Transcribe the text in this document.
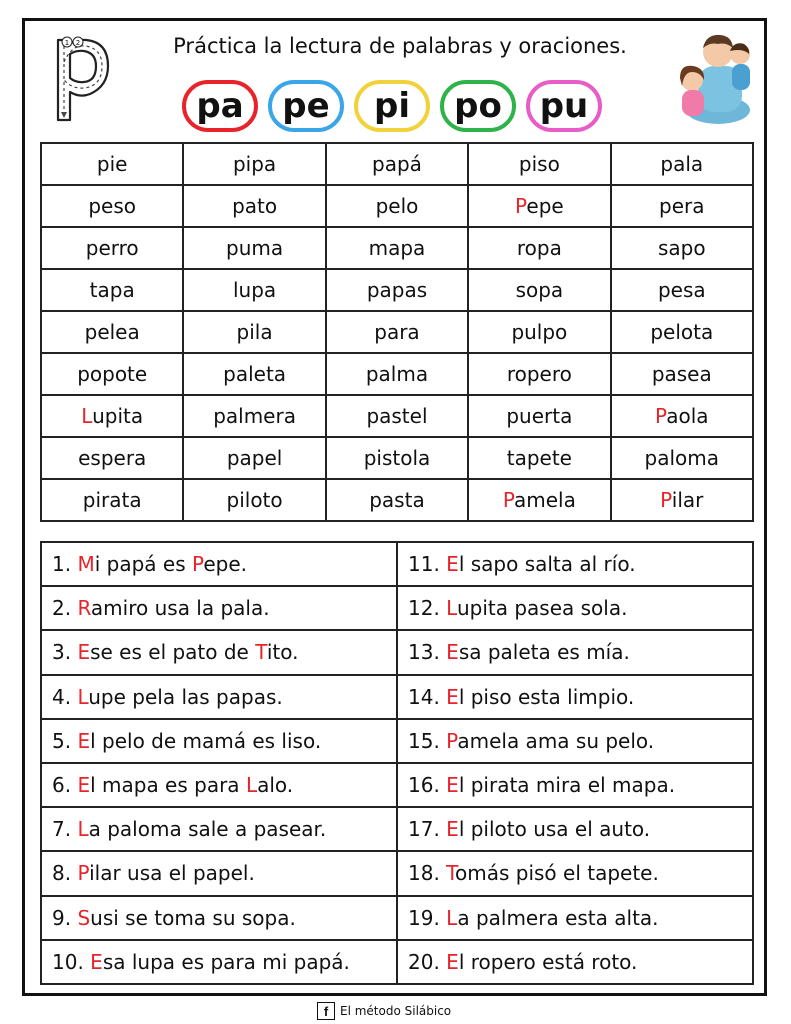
1 2	Práctica la lectura de palabras y oraciones.
pa	pe	pi	po	pu
pie	pipa	papá	piso	pala
peso	pato	pelo	Pepe	pera
perro	puma	mapa	ropa	sapo
tapa	lupa	papas	sopa	pesa
pelea	pila	para	pulpo	pelota
popote	paleta	palma	ropero	pasea
Lupita	palmera	pastel	puerta	Paola
espera	papel	pistola	tapete	paloma
pirata	piloto	pasta	Pamela	Pilar
1. Mi papá es Pepe.	11. El sapo salta al río.
2. Ramiro usa la pala.	12. Lupita pasea sola.
3. Ese es el pato de Tito.	13. Esa paleta es mía.
4. Lupe pela las papas.	14. El piso esta limpio.
5. El pelo de mamá es liso.	15. Pamela ama su pelo.
6. El mapa es para Lalo.	16. El pirata mira el mapa.
7. La paloma sale a pasear.	17. El piloto usa el auto.
8. Pilar usa el papel.	18. Tomás pisó el tapete.
9. Susi se toma su sopa.	19. La palmera esta alta.
10. Esa lupa es para mi papá.	20. El ropero está roto.
f El método Silábico
